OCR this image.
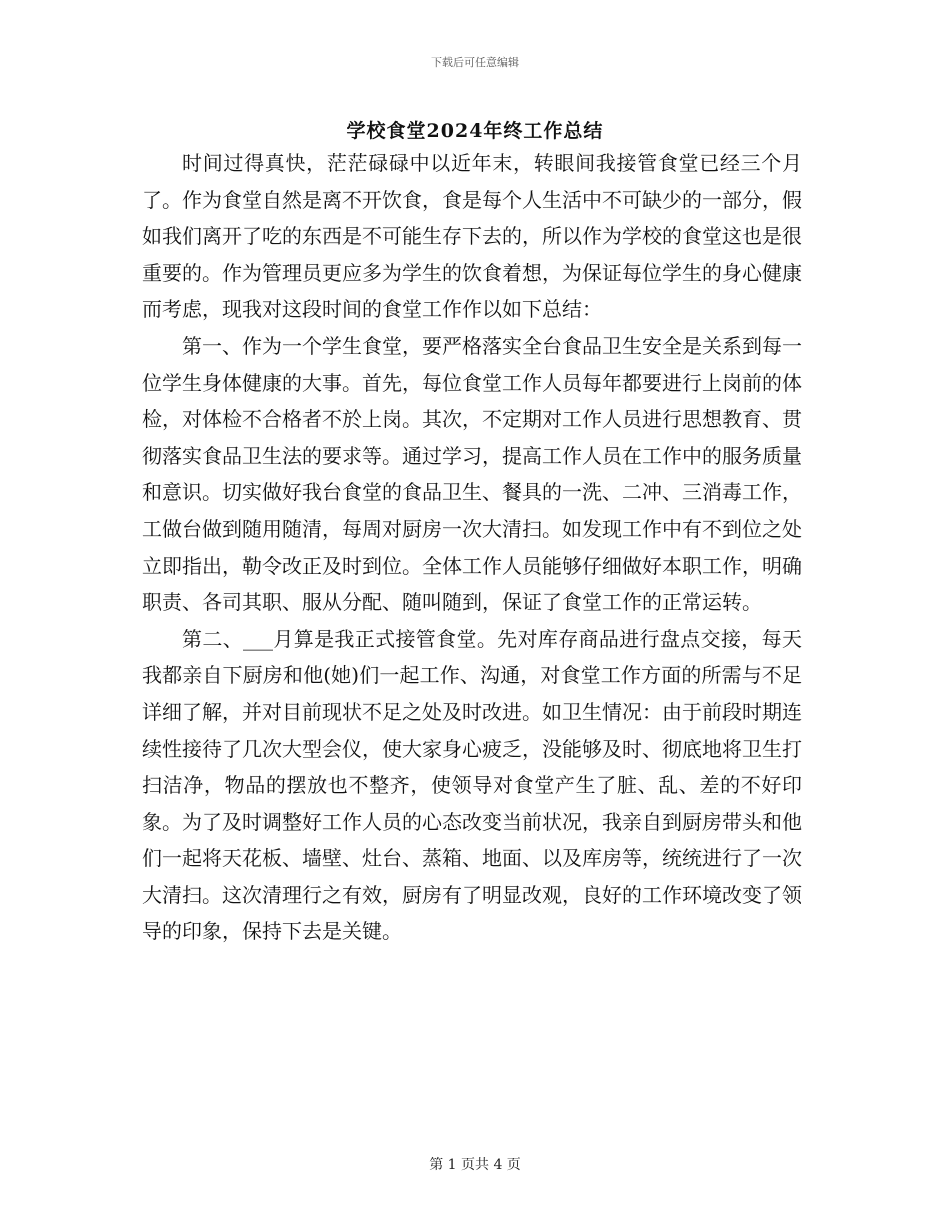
下载后可任意编辑
学校食堂2024年终工作总结

时间过得真快，茫茫碌碌中以近年末，转眼间我接管食堂已经三个月了。作为食堂自然是离不开饮食，食是每个人生活中不可缺少的一部分，假如我们离开了吃的东西是不可能生存下去的，所以作为学校的食堂这也是很重要的。作为管理员更应多为学生的饮食着想，为保证每位学生的身心健康而考虑，现我对这段时间的食堂工作作以如下总结：

第一、作为一个学生食堂，要严格落实全台食品卫生安全是关系到每一位学生身体健康的大事。首先，每位食堂工作人员每年都要进行上岗前的体检，对体检不合格者不於上岗。其次，不定期对工作人员进行思想教育、贯彻落实食品卫生法的要求等。通过学习，提高工作人员在工作中的服务质量和意识。切实做好我台食堂的食品卫生、餐具的一洗、二冲、三消毒工作，工做台做到随用随清，每周对厨房一次大清扫。如发现工作中有不到位之处立即指出，勒令改正及时到位。全体工作人员能够仔细做好本职工作，明确职责、各司其职、服从分配、随叫随到，保证了食堂工作的正常运转。

第二、___月算是我正式接管食堂。先对库存商品进行盘点交接，每天我都亲自下厨房和他(她)们一起工作、沟通，对食堂工作方面的所需与不足详细了解，并对目前现状不足之处及时改进。如卫生情况：由于前段时期连续性接待了几次大型会仪，使大家身心疲乏，没能够及时、彻底地将卫生打扫洁净，物品的摆放也不整齐，使领导对食堂产生了脏、乱、差的不好印象。为了及时调整好工作人员的心态改变当前状况，我亲自到厨房带头和他们一起将天花板、墙壁、灶台、蒸箱、地面、以及库房等，统统进行了一次大清扫。这次清理行之有效，厨房有了明显改观，良好的工作环境改变了领导的印象，保持下去是关键。

第 1 页共 4 页
